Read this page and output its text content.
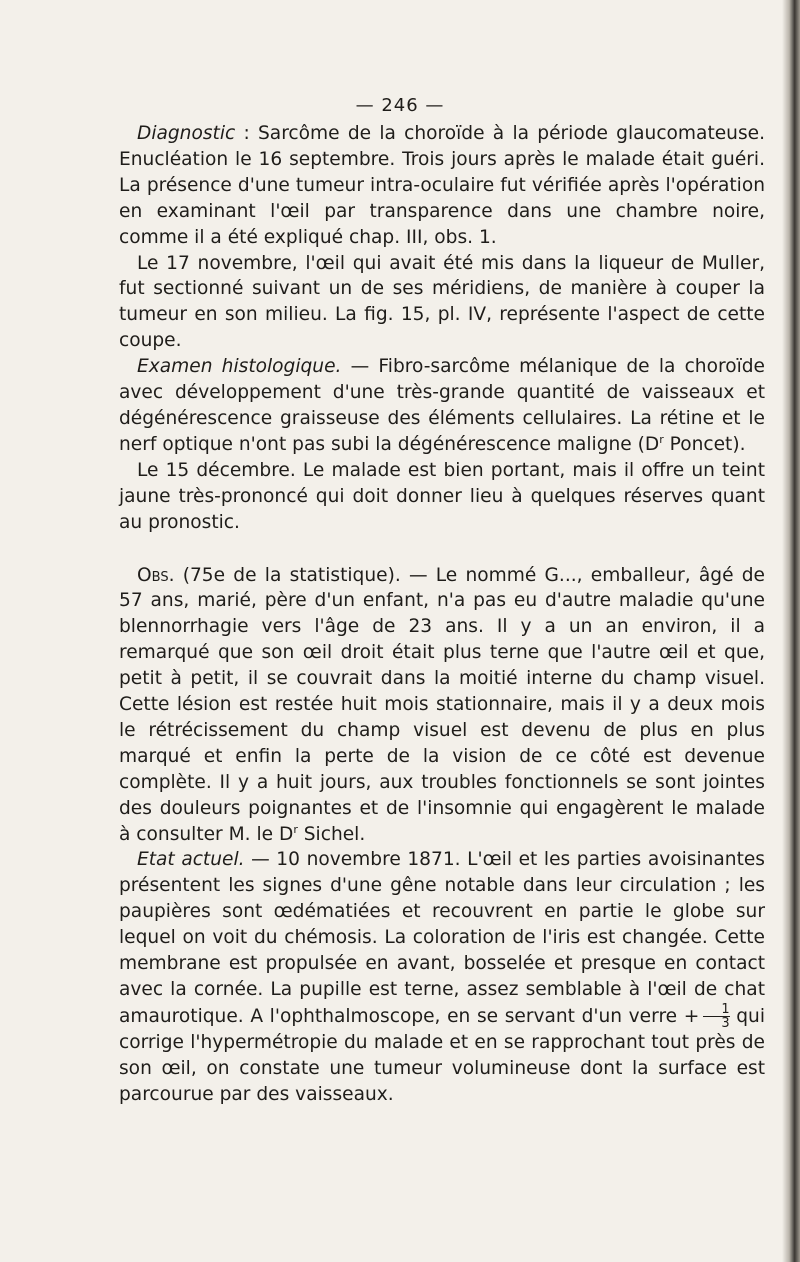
— 246 —

Diagnostic : Sarcôme de la choroïde à la période glaucomateuse. Enucléation le 16 septembre. Trois jours après le malade était guéri. La présence d'une tumeur intra-oculaire fut vérifiée après l'opération en examinant l'œil par transparence dans une chambre noire, comme il a été expliqué chap. III, obs. 1.

Le 17 novembre, l'œil qui avait été mis dans la liqueur de Muller, fut sectionné suivant un de ses méridiens, de manière à couper la tumeur en son milieu. La fig. 15, pl. IV, représente l'aspect de cette coupe.

Examen histologique. — Fibro-sarcôme mélanique de la choroïde avec développement d'une très-grande quantité de vaisseaux et dégénérescence graisseuse des éléments cellulaires. La rétine et le nerf optique n'ont pas subi la dégénérescence maligne ($D^r$ Poncet).

Le 15 décembre. Le malade est bien portant, mais il offre un teint jaune très-prononcé qui doit donner lieu à quelques réserves quant au pronostic.

Obs. (75e de la statistique). — Le nommé G..., emballeur, âgé de 57 ans, marié, père d'un enfant, n'a pas eu d'autre maladie qu'une blennorrhagie vers l'âge de 23 ans. Il y a un an environ, il a remarqué que son œil droit était plus terne que l'autre œil et que, petit à petit, il se couvrait dans la moitié interne du champ visuel. Cette lésion est restée huit mois stationnaire, mais il y a deux mois le rétrécissement du champ visuel est devenu de plus en plus marqué et enfin la perte de la vision de ce côté est devenue complète. Il y a huit jours, aux troubles fonctionnels se sont jointes des douleurs poignantes et de l'insomnie qui engagèrent le malade à consulter M. le $D^r$ Sichel.

Etat actuel. — 10 novembre 1871. L'œil et les parties avoisinantes présentent les signes d'une gêne notable dans leur circulation ; les paupières sont œdématiées et recouvrent en partie le globe sur lequel on voit du chémosis. La coloration de l'iris est changée. Cette membrane est propulsée en avant, bosselée et presque en contact avec la cornée. La pupille est terne, assez semblable à l'œil de chat amaurotique. A l'ophthalmoscope, en se servant d'un verre + $\frac{1}{3}$ qui corrige l'hypermétropie du malade et en se rapprochant tout près de son œil, on constate une tumeur volumineuse dont la surface est parcourue par des vaisseaux.
